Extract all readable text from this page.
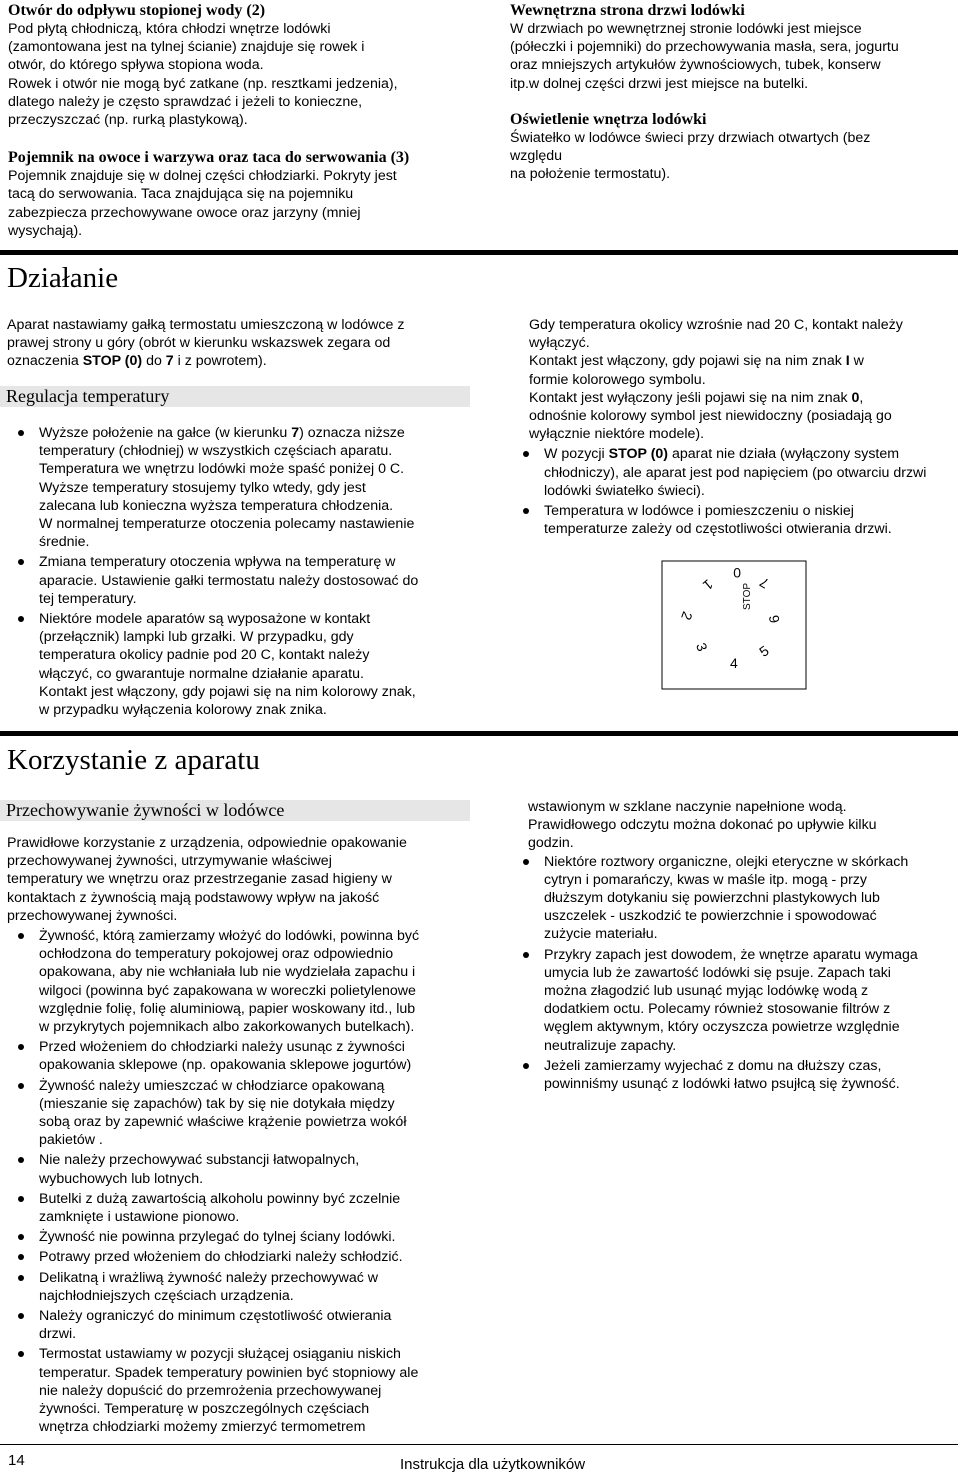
Otwór do odpływu stopionej wody (2)

Pod płytą chłodniczą, która chłodzi wnętrze lodówki
(zamontowana jest na tylnej ścianie) znajduje się rowek i
otwór, do którego spływa stopiona woda.
Rowek i otwór nie mogą być zatkane (np. resztkami jedzenia),
dlatego należy je często sprawdzać i jeżeli to konieczne,
przeczyszczać (np. rurką plastykową).

Pojemnik na owoce i warzywa oraz taca do serwowania (3)

Pojemnik znajduje się w dolnej części chłodziarki. Pokryty jest
tacą do serwowania. Taca znajdująca się na pojemniku
zabezpiecza przechowywane owoce oraz jarzyny (mniej
wysychają).

Wewnętrzna strona drzwi lodówki

W drzwiach po wewnętrznej stronie lodówki jest miejsce
(półeczki i pojemniki) do przechowywania masła, sera, jogurtu
oraz mniejszych artykułów żywnościowych, tubek, konserw
itp.w dolnej części drzwi jest miejsce na butelki.

Oświetlenie wnętrza lodówki

Światełko w lodówce świeci przy drzwiach otwartych (bez
względu
na położenie termostatu).

Działanie

Aparat nastawiamy gałką termostatu umieszczoną w lodówce z
prawej strony u góry (obrót w kierunku wskazswek zegara od
oznaczenia STOP (0) do 7 i z powrotem).

Regulacja temperatury
Wyższe położenie na gałce (w kierunku 7) oznacza niższe
temperatury (chłodniej) w wszystkich częściach aparatu.
Temperatura we wnętrzu lodówki może spaść poniżej 0 C.
Wyższe temperatury stosujemy tylko wtedy, gdy jest
zalecana lub konieczna wyższa temperatura chłodzenia.
W normalnej temperaturze otoczenia polecamy nastawienie
średnie.
Zmiana temperatury otoczenia wpływa na temperaturę w
aparacie. Ustawienie gałki termostatu należy dostosować do
tej temperatury.
Niektóre modele aparatów są wyposażone w kontakt
(przełącznik) lampki lub grzałki. W przypadku, gdy
temperatura okolicy padnie pod 20 C, kontakt należy
włączyć, co gwarantuje normalne działanie aparatu.
Kontakt jest włączony, gdy pojawi się na nim kolorowy znak,
w przypadku wyłączenia kolorowy znak znika.

Gdy temperatura okolicy wzrośnie nad 20 C, kontakt należy
wyłączyć.
Kontakt jest włączony, gdy pojawi się na nim znak I w
formie kolorowego symbolu.
Kontakt jest wyłączony jeśli pojawi się na nim znak 0,
odnośnie kolorowy symbol jest niewidoczny (posiadają go
wyłącznie niektóre modele).

W pozycji STOP (0) aparat nie działa (wyłączony system
chłodniczy), ale aparat jest pod napięciem (po otwarciu drzwi
lodówki światełko świeci).
Temperatura w lodówce i pomieszczeniu o niskiej
temperaturze zależy od częstotliwości otwierania drzwi.
0
STOP
1
2
3
4
5
6
7
Korzystanie z aparatu
Przechowywanie żywności w lodówce

Prawidłowe korzystanie z urządzenia, odpowiednie opakowanie
przechowywanej żywności, utrzymywanie właściwej
temperatury we wnętrzu oraz przestrzeganie zasad higieny w
kontaktach z żywnością mają podstawowy wpływ na jakość
przechowywanej żywności.

Żywność, którą zamierzamy włożyć do lodówki, powinna być
ochłodzona do temperatury pokojowej oraz odpowiednio
opakowana, aby nie wchłaniała lub nie wydzielała zapachu i
wilgoci (powinna być zapakowana w woreczki polietylenowe
względnie folię, folię aluminiową, papier woskowany itd., lub
w przykrytych pojemnikach albo zakorkowanych butelkach).
Przed włożeniem do chłodziarki należy usunąc z żywności
opakowania sklepowe (np. opakowania sklepowe jogurtów)
Żywność należy umieszczać w chłodziarce opakowaną
(mieszanie się zapachów) tak by się nie dotykała między
sobą oraz by zapewnić właściwe krążenie powietrza wokół
pakietów .
Nie należy przechowywać substancji łatwopalnych,
wybuchowych lub lotnych.
Butelki z dużą zawartością alkoholu powinny być zczelnie
zamknięte i ustawione pionowo.
Żywność nie powinna przylegać do tylnej ściany lodówki.
Potrawy przed włożeniem do chłodziarki należy schłodzić.
Delikatną i wrażliwą żywność należy przechowywać w
najchłodniejszych częściach urządzenia.
Należy ograniczyć do minimum częstotliwość otwierania
drzwi.
Termostat ustawiamy w pozycji służącej osiąganiu niskich
temperatur. Spadek temperatury powinien być stopniowy ale
nie należy dopuścić do przemrożenia przechowywanej
żywności. Temperaturę w poszczególnych częściach
wnętrza chłodziarki możemy zmierzyć termometrem

wstawionym w szklane naczynie napełnione wodą.
Prawidłowego odczytu można dokonać po upływie kilku
godzin.

Niektóre roztwory organiczne, olejki eteryczne w skórkach
cytryn i pomarańczy, kwas w maśle itp. mogą - przy
dłuższym dotykaniu się powierzchni plastykowych lub
uszczelek - uszkodzić te powierzchnie i spowodować
zużycie materiału.
Przykry zapach jest dowodem, że wnętrze aparatu wymaga
umycia lub że zawartość lodówki się psuje. Zapach taki
można złagodzić lub usunąć myjąc lodówkę wodą z
dodatkiem octu. Polecamy również stosowanie filtrów z
węglem aktywnym, który oczyszcza powietrze względnie
neutralizuje zapachy.
Jeżeli zamierzamy wyjechać z domu na dłuższy czas,
powinniśmy usunąć z lodówki łatwo psujłcą się żywność.
14	Instrukcja dla użytkowników
